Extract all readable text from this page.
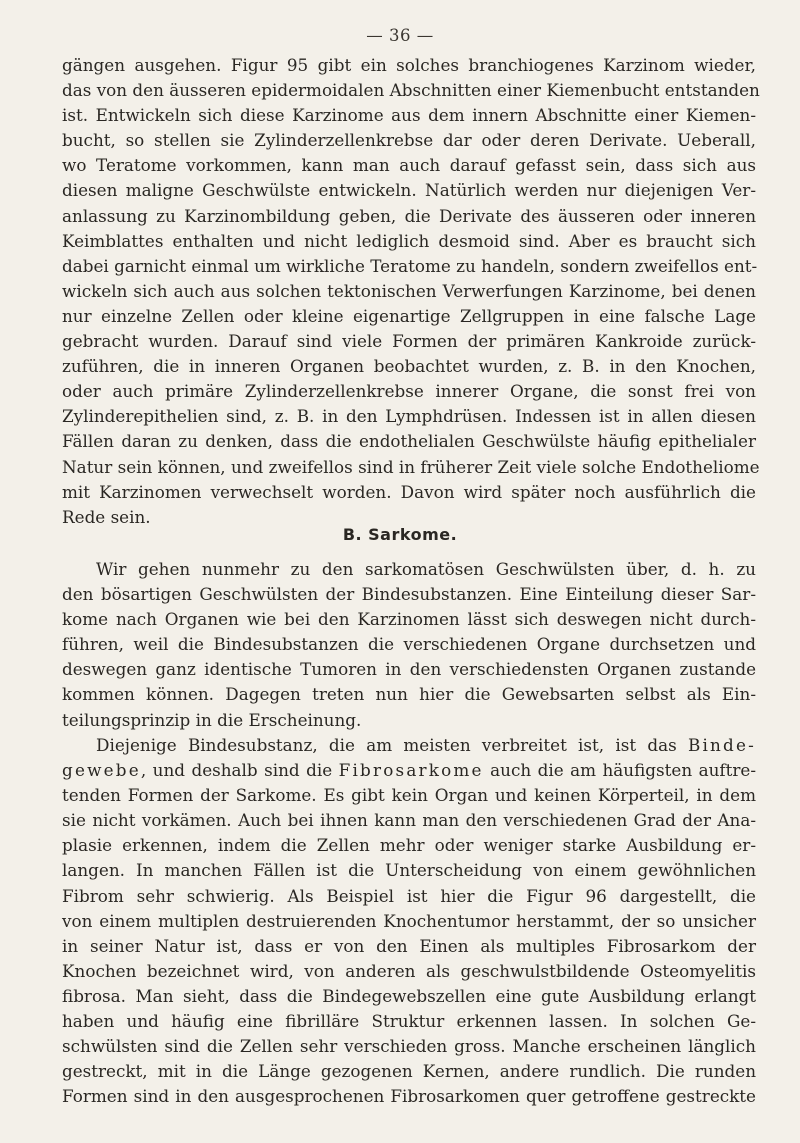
— 36 —
gängen ausgehen. Figur 95 gibt ein solches branchiogenes Karzinom wieder,
das von den äusseren epidermoidalen Abschnitten einer Kiemenbucht entstanden
ist. Entwickeln sich diese Karzinome aus dem innern Abschnitte einer Kiemen-
bucht, so stellen sie Zylinderzellenkrebse dar oder deren Derivate. Ueberall,
wo Teratome vorkommen, kann man auch darauf gefasst sein, dass sich aus
diesen maligne Geschwülste entwickeln. Natürlich werden nur diejenigen Ver-
anlassung zu Karzinombildung geben, die Derivate des äusseren oder inneren
Keimblattes enthalten und nicht lediglich desmoid sind. Aber es braucht sich
dabei garnicht einmal um wirkliche Teratome zu handeln, sondern zweifellos ent-
wickeln sich auch aus solchen tektonischen Verwerfungen Karzinome, bei denen
nur einzelne Zellen oder kleine eigenartige Zellgruppen in eine falsche Lage
gebracht wurden. Darauf sind viele Formen der primären Kankroide zurück-
zuführen, die in inneren Organen beobachtet wurden, z. B. in den Knochen,
oder auch primäre Zylinderzellenkrebse innerer Organe, die sonst frei von
Zylinderepithelien sind, z. B. in den Lymphdrüsen. Indessen ist in allen diesen
Fällen daran zu denken, dass die endothelialen Geschwülste häufig epithelialer
Natur sein können, und zweifellos sind in früherer Zeit viele solche Endotheliome
mit Karzinomen verwechselt worden. Davon wird später noch ausführlich die
Rede sein.
B. Sarkome.
Wir gehen nunmehr zu den sarkomatösen Geschwülsten über, d. h. zu
den bösartigen Geschwülsten der Bindesubstanzen. Eine Einteilung dieser Sar-
kome nach Organen wie bei den Karzinomen lässt sich deswegen nicht durch-
führen, weil die Bindesubstanzen die verschiedenen Organe durchsetzen und
deswegen ganz identische Tumoren in den verschiedensten Organen zustande
kommen können. Dagegen treten nun hier die Gewebsarten selbst als Ein-
teilungsprinzip in die Erscheinung.
Diejenige Bindesubstanz, die am meisten verbreitet ist, ist das Binde-
gewebe, und deshalb sind die Fibrosarkome auch die am häufigsten auftre-
tenden Formen der Sarkome. Es gibt kein Organ und keinen Körperteil, in dem
sie nicht vorkämen. Auch bei ihnen kann man den verschiedenen Grad der Ana-
plasie erkennen, indem die Zellen mehr oder weniger starke Ausbildung er-
langen. In manchen Fällen ist die Unterscheidung von einem gewöhnlichen
Fibrom sehr schwierig. Als Beispiel ist hier die Figur 96 dargestellt, die
von einem multiplen destruierenden Knochentumor herstammt, der so unsicher
in seiner Natur ist, dass er von den Einen als multiples Fibrosarkom der
Knochen bezeichnet wird, von anderen als geschwulstbildende Osteomyelitis
fibrosa. Man sieht, dass die Bindegewebszellen eine gute Ausbildung erlangt
haben und häufig eine fibrilläre Struktur erkennen lassen. In solchen Ge-
schwülsten sind die Zellen sehr verschieden gross. Manche erscheinen länglich
gestreckt, mit in die Länge gezogenen Kernen, andere rundlich. Die runden
Formen sind in den ausgesprochenen Fibrosarkomen quer getroffene gestreckte
